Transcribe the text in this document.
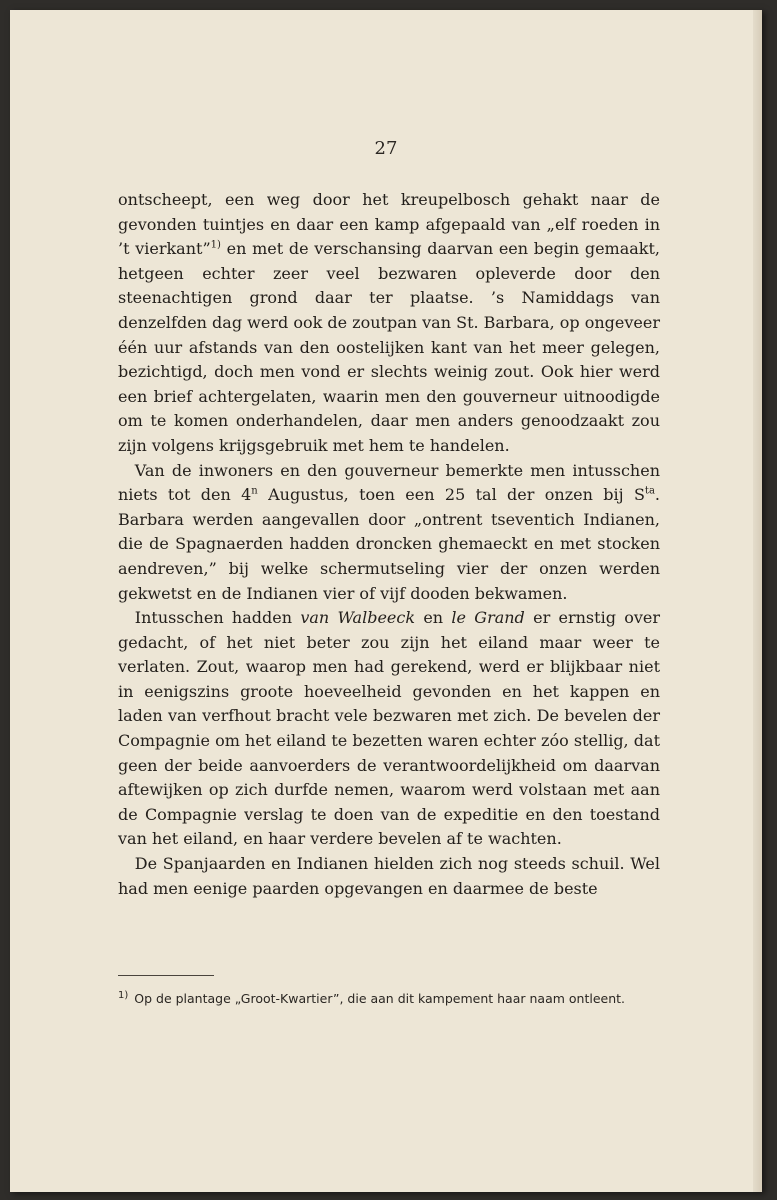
27

ontscheept, een weg door het kreupelbosch gehakt naar de gevonden tuintjes en daar een kamp afgepaald van „elf roeden in ’t vierkant”$^{1)}$ en met de verschansing daarvan een begin gemaakt, hetgeen echter zeer veel bezwaren opleverde door den steenachtigen grond daar ter plaatse. ’s Namiddags van denzelfden dag werd ook de zoutpan van St. Barbara, op ongeveer één uur afstands van den oostelijken kant van het meer gelegen, bezichtigd, doch men vond er slechts weinig zout. Ook hier werd een brief achtergelaten, waarin men den gouverneur uitnoodigde om te komen onderhandelen, daar men anders genoodzaakt zou zijn volgens krijgsgebruik met hem te handelen.

Van de inwoners en den gouverneur bemerkte men intusschen niets tot den 4$^n$ Augustus, toen een 25 tal der onzen bij $S^{ta}$. Barbara werden aangevallen door „ontrent tseventich Indianen, die de Spagnaerden hadden droncken ghemaeckt en met stocken aendreven,” bij welke schermutseling vier der onzen werden gekwetst en de Indianen vier of vijf dooden bekwamen.

Intusschen hadden van Walbeeck en le Grand er ernstig over gedacht, of het niet beter zou zijn het eiland maar weer te verlaten. Zout, waarop men had gerekend, werd er blijkbaar niet in eenigszins groote hoeveelheid gevonden en het kappen en laden van verfhout bracht vele bezwaren met zich. De bevelen der Compagnie om het eiland te bezetten waren echter zóo stellig, dat geen der beide aanvoerders de verantwoordelijkheid om daarvan aftewijken op zich durfde nemen, waarom werd volstaan met aan de Compagnie verslag te doen van de expeditie en den toestand van het eiland, en haar verdere bevelen af te wachten.

De Spanjaarden en Indianen hielden zich nog steeds schuil. Wel had men eenige paarden opgevangen en daarmee de beste

$^{1)}$ Op de plantage „Groot-Kwartier”, die aan dit kampement haar naam ontleent.
